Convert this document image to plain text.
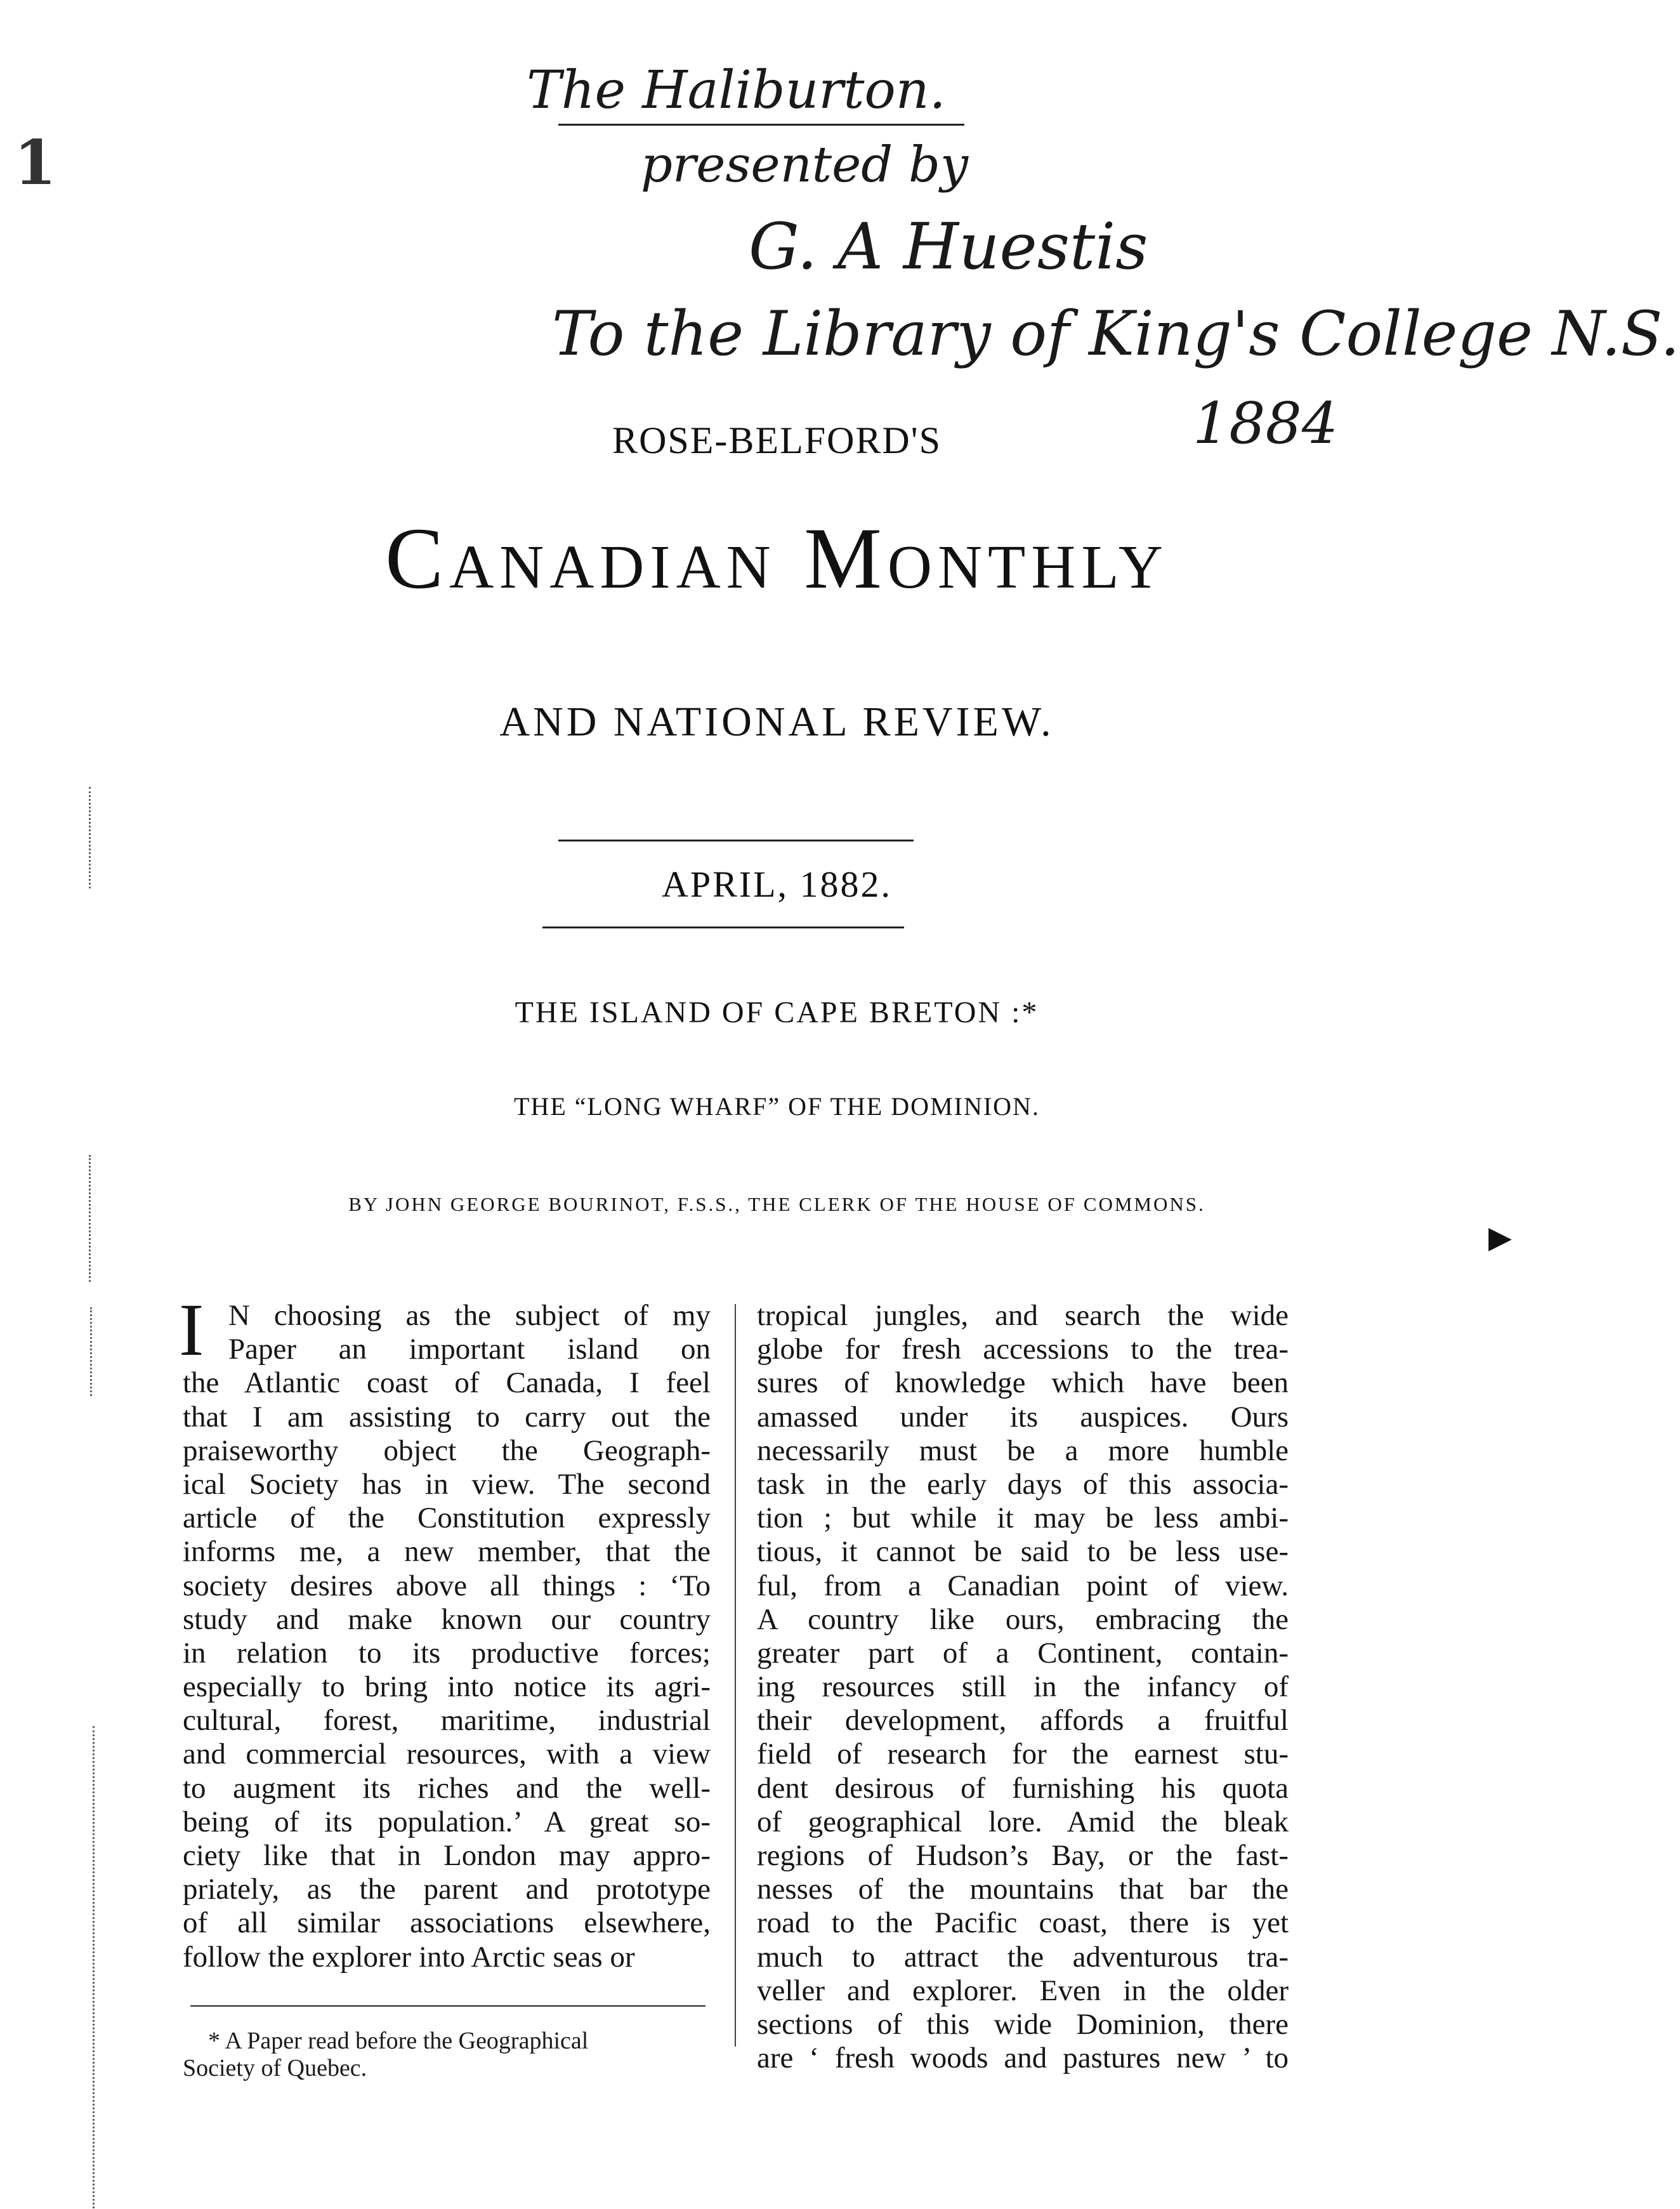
The Haliburton.
presented by
G. A Huestis
To the Library of King's College N.S.
1884
1
▶
ROSE-BELFORD'S
Canadian Monthly
AND NATIONAL REVIEW.
APRIL, 1882.
THE ISLAND OF CAPE BRETON :*
THE “LONG WHARF” OF THE DOMINION.
BY JOHN GEORGE BOURINOT, F.S.S., THE CLERK OF THE HOUSE OF COMMONS.
I N choosing as the subject of my
Paper an important island on
the Atlantic coast of Canada, I feel
that I am assisting to carry out the
praiseworthy object the Geograph-
ical Society has in view. The second
article of the Constitution expressly
informs me, a new member, that the
society desires above all things : ‘To
study and make known our country
in relation to its productive forces;
especially to bring into notice its agri-
cultural, forest, maritime, industrial
and commercial resources, with a view
to augment its riches and the well-
being of its population.’ A great so-
ciety like that in London may appro-
priately, as the parent and prototype
of all similar associations elsewhere,
follow the explorer into Arctic seas or
tropical jungles, and search the wide
globe for fresh accessions to the trea-
sures of knowledge which have been
amassed under its auspices. Ours
necessarily must be a more humble
task in the early days of this associa-
tion ; but while it may be less ambi-
tious, it cannot be said to be less use-
ful, from a Canadian point of view.
A country like ours, embracing the
greater part of a Continent, contain-
ing resources still in the infancy of
their development, affords a fruitful
field of research for the earnest stu-
dent desirous of furnishing his quota
of geographical lore. Amid the bleak
regions of Hudson’s Bay, or the fast-
nesses of the mountains that bar the
road to the Pacific coast, there is yet
much to attract the adventurous tra-
veller and explorer. Even in the older
sections of this wide Dominion, there
are ‘ fresh woods and pastures new ’ to
* A Paper read before the Geographical
Society of Quebec.
